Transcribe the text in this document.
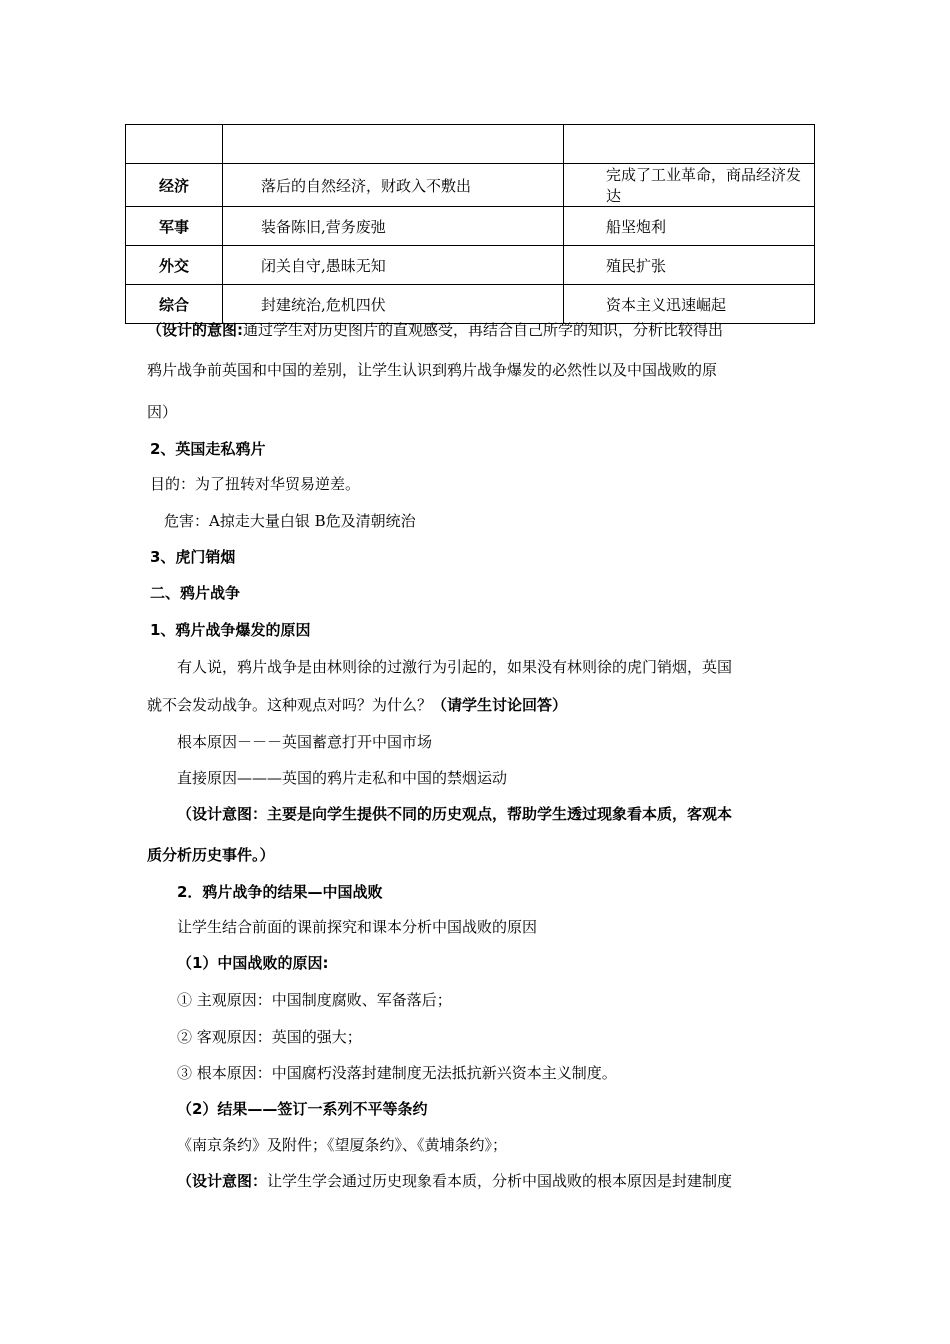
经济	落后的自然经济，财政入不敷出	完成了工业革命，商品经济发达
军事	装备陈旧,营务废弛	船坚炮利
外交	闭关自守,愚昧无知	殖民扩张
综合	封建统治,危机四伏	资本主义迅速崛起
（设计的意图:通过学生对历史图片的直观感受，再结合自己所学的知识，分析比较得出
鸦片战争前英国和中国的差别，让学生认识到鸦片战争爆发的必然性以及中国战败的原
因）
2、英国走私鸦片
目的：为了扭转对华贸易逆差。
危害：A掠走大量白银 B危及清朝统治
3、虎门销烟
二、鸦片战争
1、鸦片战争爆发的原因
有人说，鸦片战争是由林则徐的过激行为引起的，如果没有林则徐的虎门销烟，英国
就不会发动战争。这种观点对吗？为什么？（请学生讨论回答）
根本原因－－－英国蓄意打开中国市场
直接原因———英国的鸦片走私和中国的禁烟运动
（设计意图：主要是向学生提供不同的历史观点，帮助学生透过现象看本质，客观本
质分析历史事件。）
2．鸦片战争的结果—中国战败
让学生结合前面的课前探究和课本分析中国战败的原因
（1）中国战败的原因:
① 主观原因：中国制度腐败、军备落后；
② 客观原因：英国的强大；
③ 根本原因：中国腐朽没落封建制度无法抵抗新兴资本主义制度。
（2）结果——签订一系列不平等条约
《南京条约》及附件；《望厦条约》、《黄埔条约》；
（设计意图：让学生学会通过历史现象看本质，分析中国战败的根本原因是封建制度
